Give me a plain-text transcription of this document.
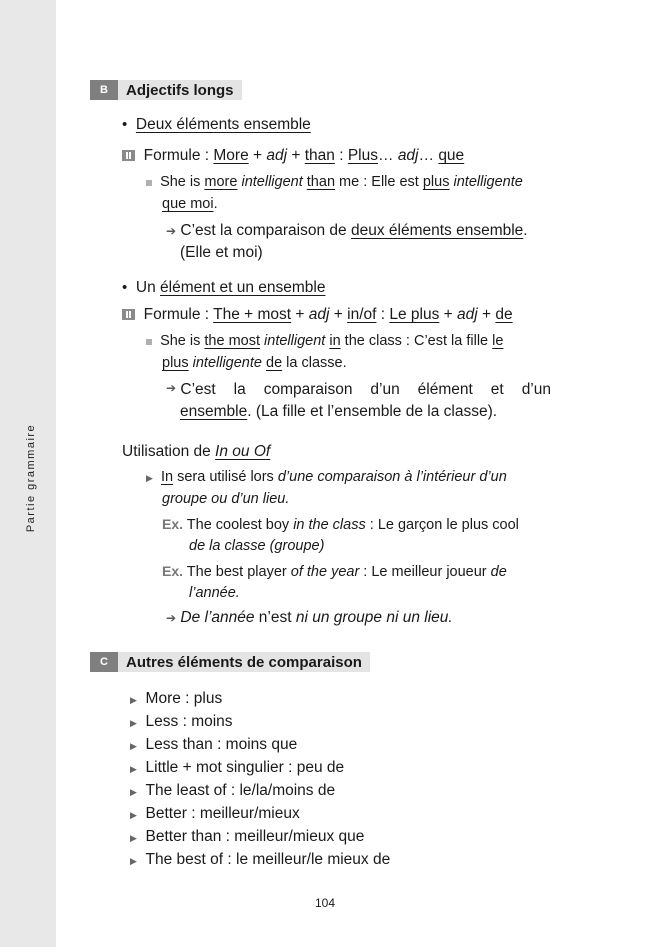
Partie grammaire
B	Adjectifs longs
• Deux éléments ensemble
Formule : More + adj + than : Plus… adj… que
She is more intelligent than me : Elle est plus intelligente
que moi.
➔ C’est la comparaison de deux éléments ensemble.
(Elle et moi)
• Un élément et un ensemble
Formule : The + most + adj + in/of : Le plus + adj + de
She is the most intelligent in the class : C’est la fille le
plus intelligente de la classe.
➔
C’est la comparaison d’un élément et d’un
ensemble. (La fille et l’ensemble de la classe).
Utilisation de In ou Of
▶ In sera utilisé lors d’une comparaison à l’intérieur d’un
groupe ou d’un lieu.
Ex. The coolest boy in the class : Le garçon le plus cool
de la classe (groupe)
Ex. The best player of the year : Le meilleur joueur de
l’année.
➔ De l’année n’est ni un groupe ni un lieu.
C	Autres éléments de comparaison
▶ More : plus
▶ Less : moins
▶ Less than : moins que
▶ Little + mot singulier : peu de
▶ The least of : le/la/moins de
▶ Better : meilleur/mieux
▶ Better than : meilleur/mieux que
▶ The best of : le meilleur/le mieux de
104
